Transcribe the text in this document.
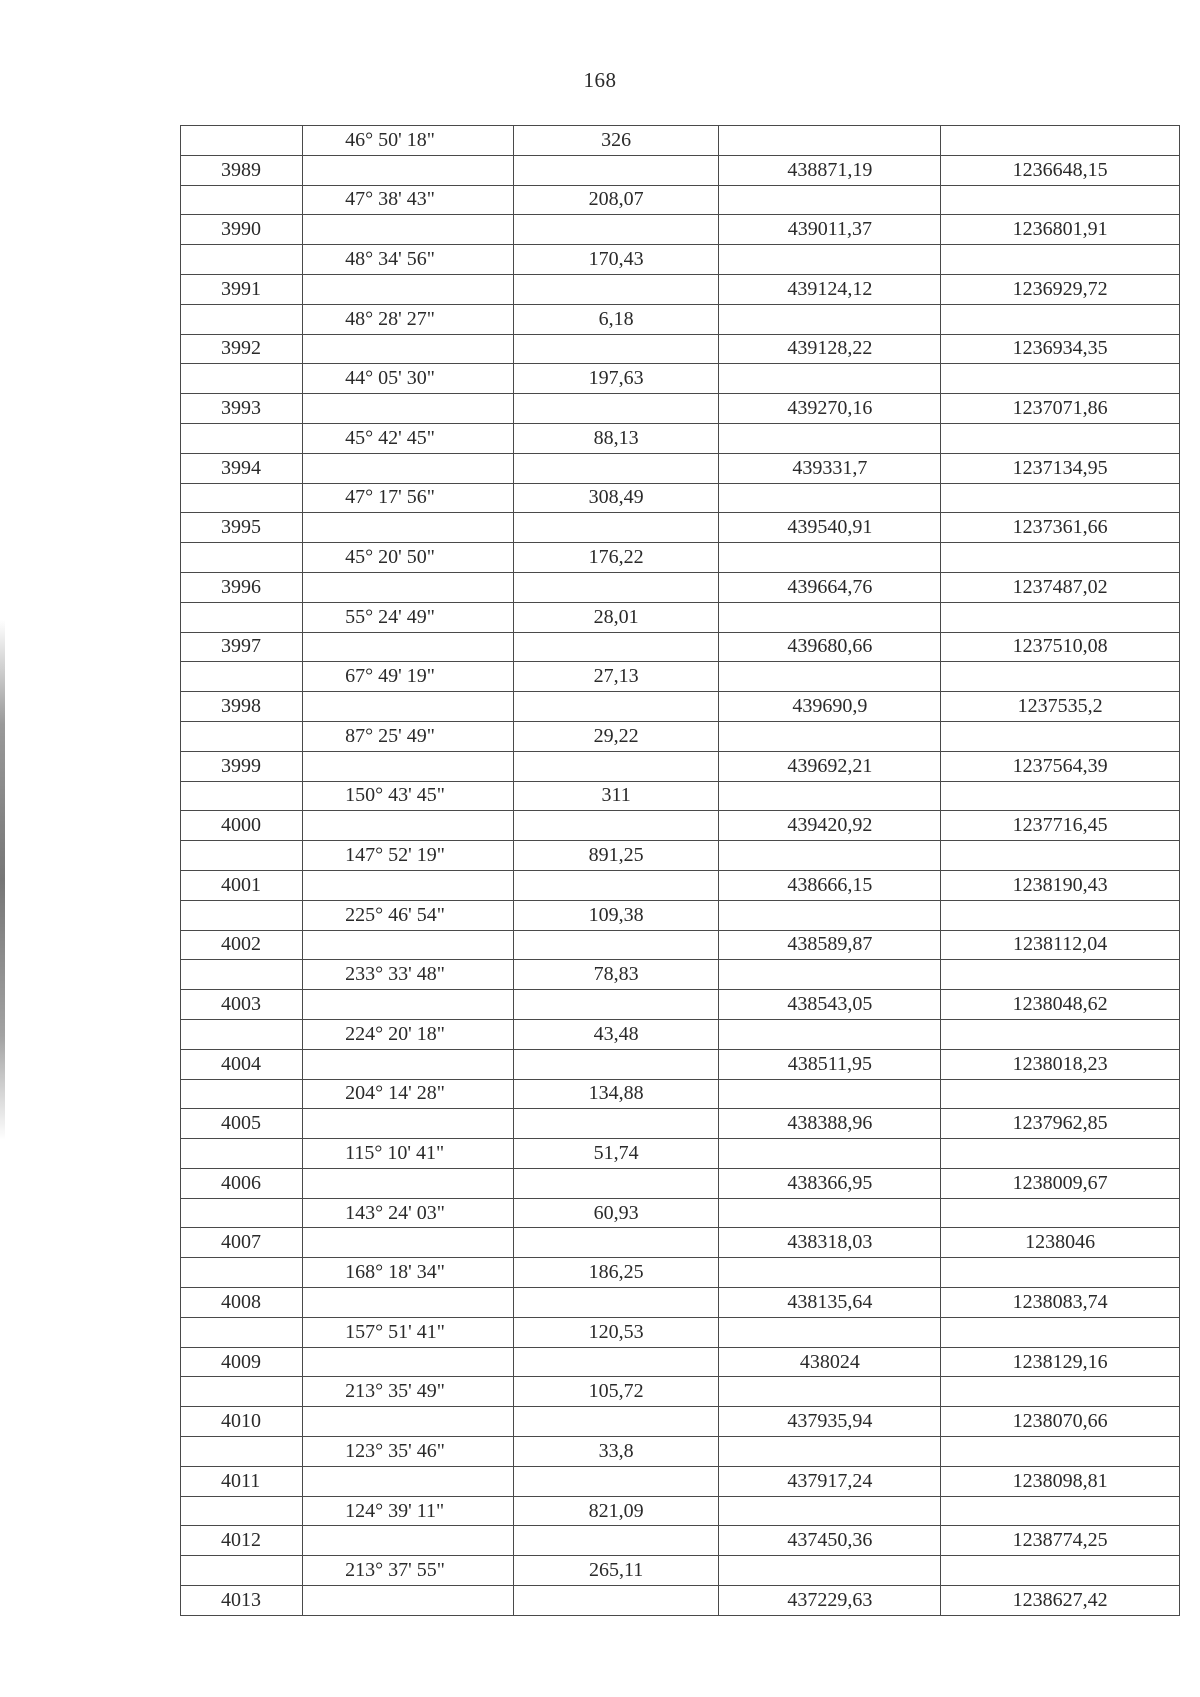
168
	46° 50' 18"	326		
3989			438871,19	1236648,15
	47° 38' 43"	208,07		
3990			439011,37	1236801,91
	48° 34' 56"	170,43		
3991			439124,12	1236929,72
	48° 28' 27"	6,18		
3992			439128,22	1236934,35
	44° 05' 30"	197,63		
3993			439270,16	1237071,86
	45° 42' 45"	88,13		
3994			439331,7	1237134,95
	47° 17' 56"	308,49		
3995			439540,91	1237361,66
	45° 20' 50"	176,22		
3996			439664,76	1237487,02
	55° 24' 49"	28,01		
3997			439680,66	1237510,08
	67° 49' 19"	27,13		
3998			439690,9	1237535,2
	87° 25' 49"	29,22		
3999			439692,21	1237564,39
	150° 43' 45"	311		
4000			439420,92	1237716,45
	147° 52' 19"	891,25		
4001			438666,15	1238190,43
	225° 46' 54"	109,38		
4002			438589,87	1238112,04
	233° 33' 48"	78,83		
4003			438543,05	1238048,62
	224° 20' 18"	43,48		
4004			438511,95	1238018,23
	204° 14' 28"	134,88		
4005			438388,96	1237962,85
	115° 10' 41"	51,74		
4006			438366,95	1238009,67
	143° 24' 03"	60,93		
4007			438318,03	1238046
	168° 18' 34"	186,25		
4008			438135,64	1238083,74
	157° 51' 41"	120,53		
4009			438024	1238129,16
	213° 35' 49"	105,72		
4010			437935,94	1238070,66
	123° 35' 46"	33,8		
4011			437917,24	1238098,81
	124° 39' 11"	821,09		
4012			437450,36	1238774,25
	213° 37' 55"	265,11		
4013			437229,63	1238627,42
